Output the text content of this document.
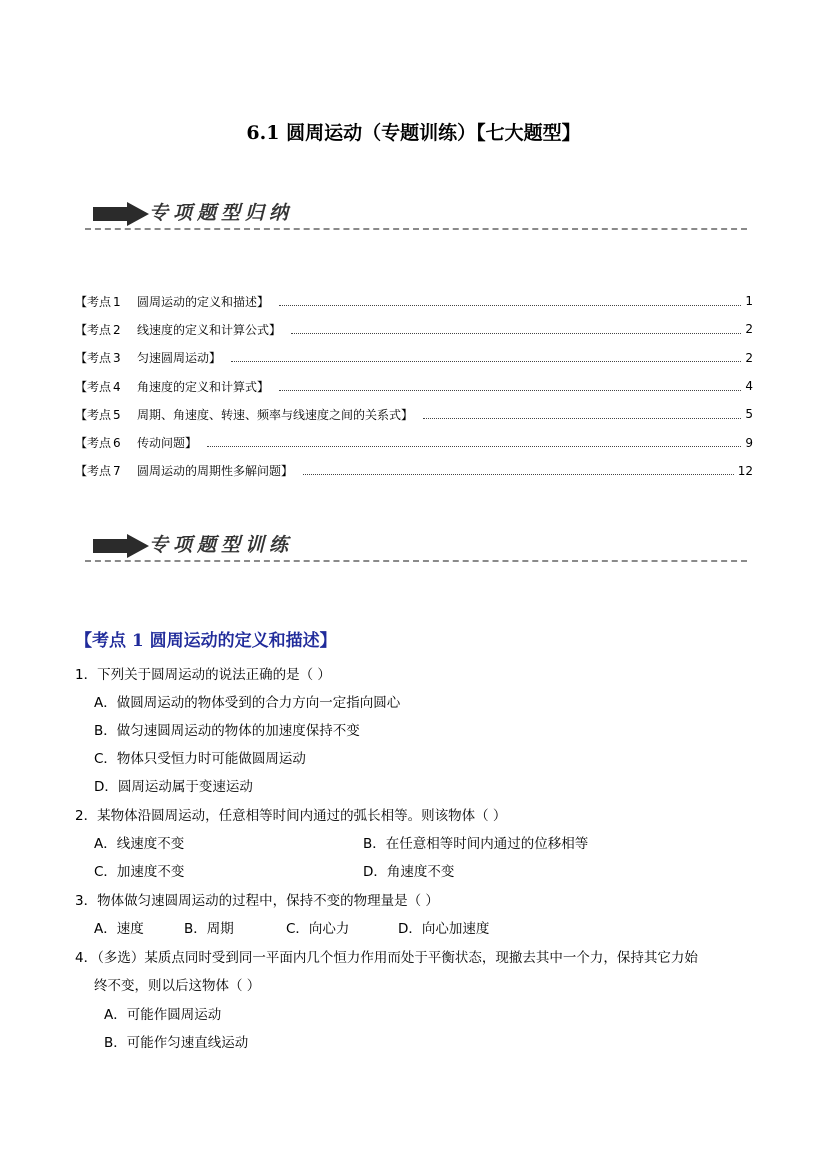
6.1 圆周运动（专题训练）【七大题型】
专项题型归纳
【考点 1 圆周运动的定义和描述】	1
【考点 2 线速度的定义和计算公式】	2
【考点 3 匀速圆周运动】	2
【考点 4 角速度的定义和计算式】	4
【考点 5 周期、角速度、转速、频率与线速度之间的关系式】	5
【考点 6 传动问题】	9
【考点 7 圆周运动的周期性多解问题】	12
专项题型训练
【考点 1 圆周运动的定义和描述】
1．下列关于圆周运动的说法正确的是（ ）
A．做圆周运动的物体受到的合力方向一定指向圆心
B．做匀速圆周运动的物体的加速度保持不变
C．物体只受恒力时可能做圆周运动
D．圆周运动属于变速运动
2．某物体沿圆周运动，任意相等时间内通过的弧长相等。则该物体（ ）
A．线速度不变	B．在任意相等时间内通过的位移相等
C．加速度不变	D．角速度不变
3．物体做匀速圆周运动的过程中，保持不变的物理量是（ ）
A．速度	B．周期	C．向心力	D．向心加速度
4．（多选）某质点同时受到同一平面内几个恒力作用而处于平衡状态，现撤去其中一个力，保持其它力始
终不变，则以后这物体（ ）
A．可能作圆周运动
B．可能作匀速直线运动
